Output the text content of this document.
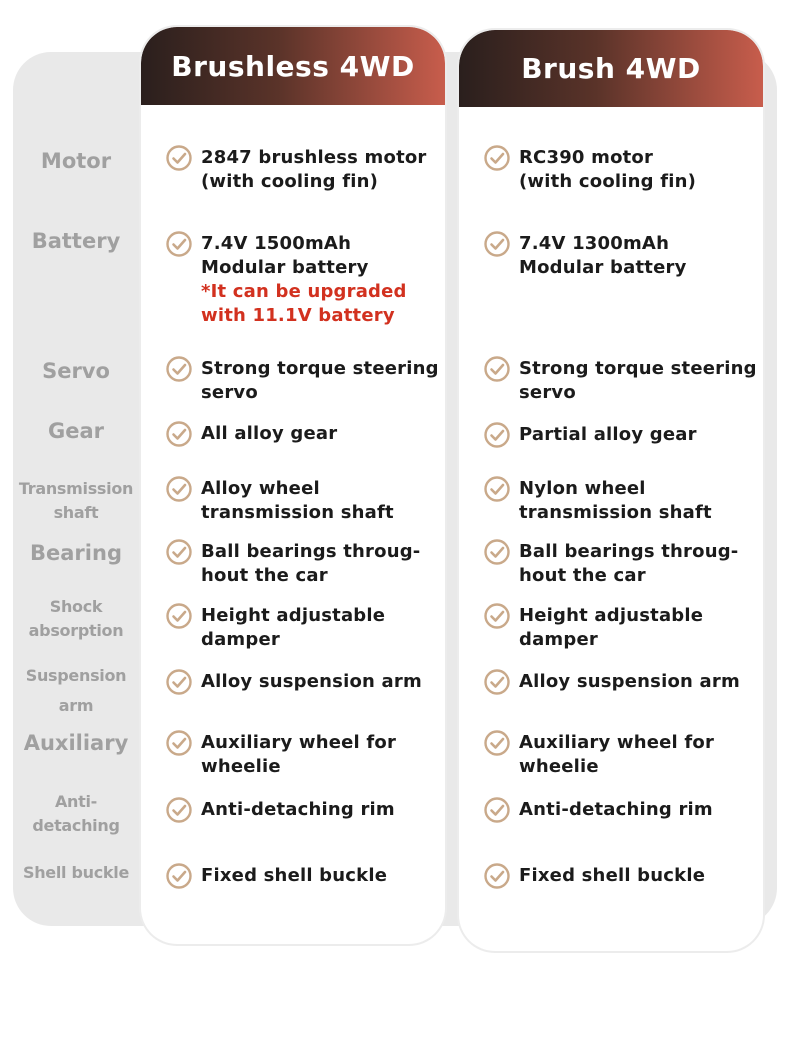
Brushless 4WD	Brush 4WD
Motor
Battery
Servo
Gear
Transmission
shaft
Bearing
Shock
absorption
Suspension
arm
Auxiliary
Anti-
detaching
Shell buckle
2847 brushless motor
(with cooling fin)
7.4V 1500mAh
Modular battery
*It can be upgraded
with 11.1V battery
Strong torque steering
servo
All alloy gear
Alloy wheel
transmission shaft
Ball bearings throug-
hout the car
Height adjustable
damper
Alloy suspension arm
Auxiliary wheel for
wheelie
Anti-detaching rim
Fixed shell buckle
RC390 motor
(with cooling fin)
7.4V 1300mAh
Modular battery
Strong torque steering
servo
Partial alloy gear
Nylon wheel
transmission shaft
Ball bearings throug-
hout the car
Height adjustable
damper
Alloy suspension arm
Auxiliary wheel for
wheelie
Anti-detaching rim
Fixed shell buckle
